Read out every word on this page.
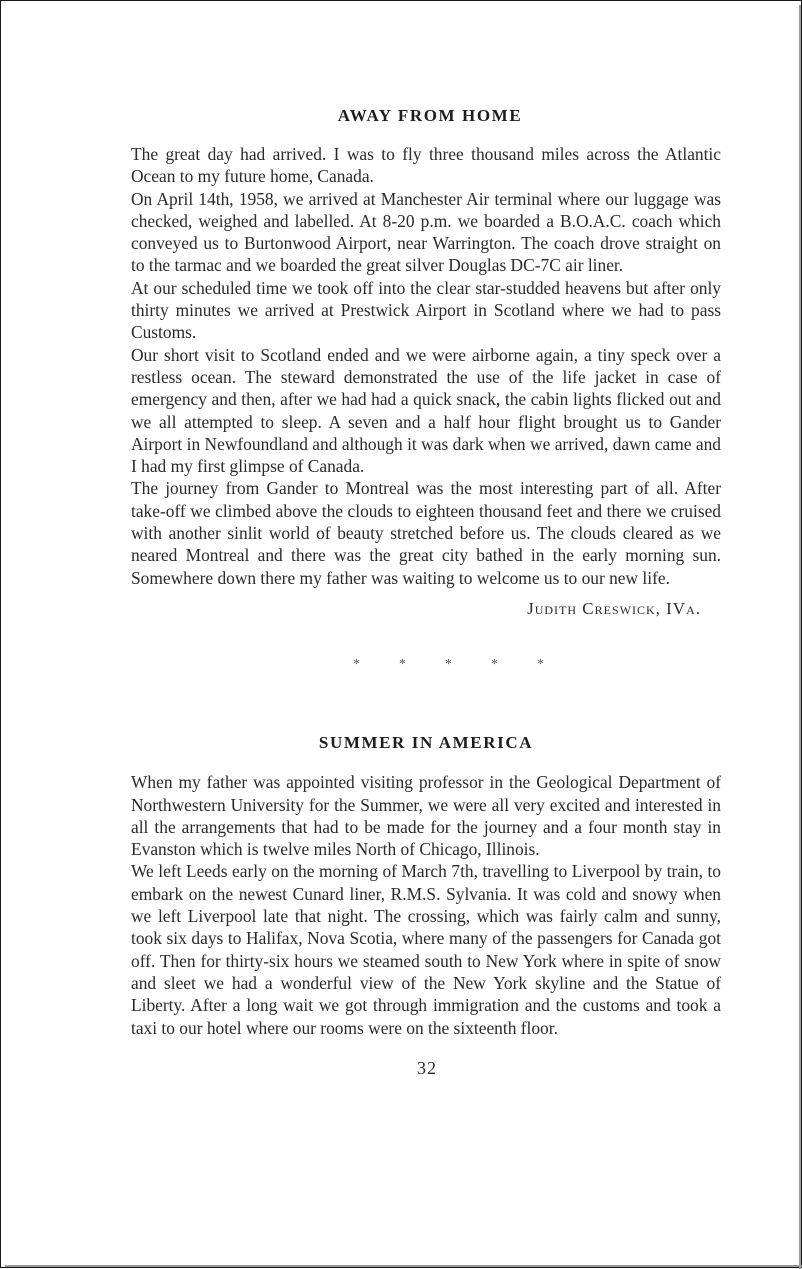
AWAY FROM HOME

The great day had arrived. I was to fly three thousand miles across the Atlantic Ocean to my future home, Canada.

On April 14th, 1958, we arrived at Manchester Air terminal where our luggage was checked, weighed and labelled. At 8-20 p.m. we boarded a B.O.A.C. coach which conveyed us to Burtonwood Airport, near Warrington. The coach drove straight on to the tarmac and we boarded the great silver Douglas DC-7C air liner.

At our scheduled time we took off into the clear star-studded heavens but after only thirty minutes we arrived at Prestwick Airport in Scotland where we had to pass Customs.

Our short visit to Scotland ended and we were airborne again, a tiny speck over a restless ocean. The steward demonstrated the use of the life jacket in case of emergency and then, after we had had a quick snack, the cabin lights flicked out and we all attempted to sleep. A seven and a half hour flight brought us to Gander Airport in Newfoundland and although it was dark when we arrived, dawn came and I had my first glimpse of Canada.

The journey from Gander to Montreal was the most interesting part of all. After take-off we climbed above the clouds to eighteen thousand feet and there we cruised with another sinlit world of beauty stretched before us. The clouds cleared as we neared Montreal and there was the great city bathed in the early morning sun. Somewhere down there my father was waiting to welcome us to our new life.

Judith Creswick, IVa.
*	*	*	*	*
SUMMER IN AMERICA

When my father was appointed visiting professor in the Geological Department of Northwestern University for the Summer, we were all very excited and interested in all the arrangements that had to be made for the journey and a four month stay in Evanston which is twelve miles North of Chicago, Illinois.

We left Leeds early on the morning of March 7th, travelling to Liverpool by train, to embark on the newest Cunard liner, R.M.S. Sylvania. It was cold and snowy when we left Liverpool late that night. The crossing, which was fairly calm and sunny, took six days to Halifax, Nova Scotia, where many of the passengers for Canada got off. Then for thirty-six hours we steamed south to New York where in spite of snow and sleet we had a wonderful view of the New York skyline and the Statue of Liberty. After a long wait we got through immigration and the customs and took a taxi to our hotel where our rooms were on the sixteenth floor.

32
